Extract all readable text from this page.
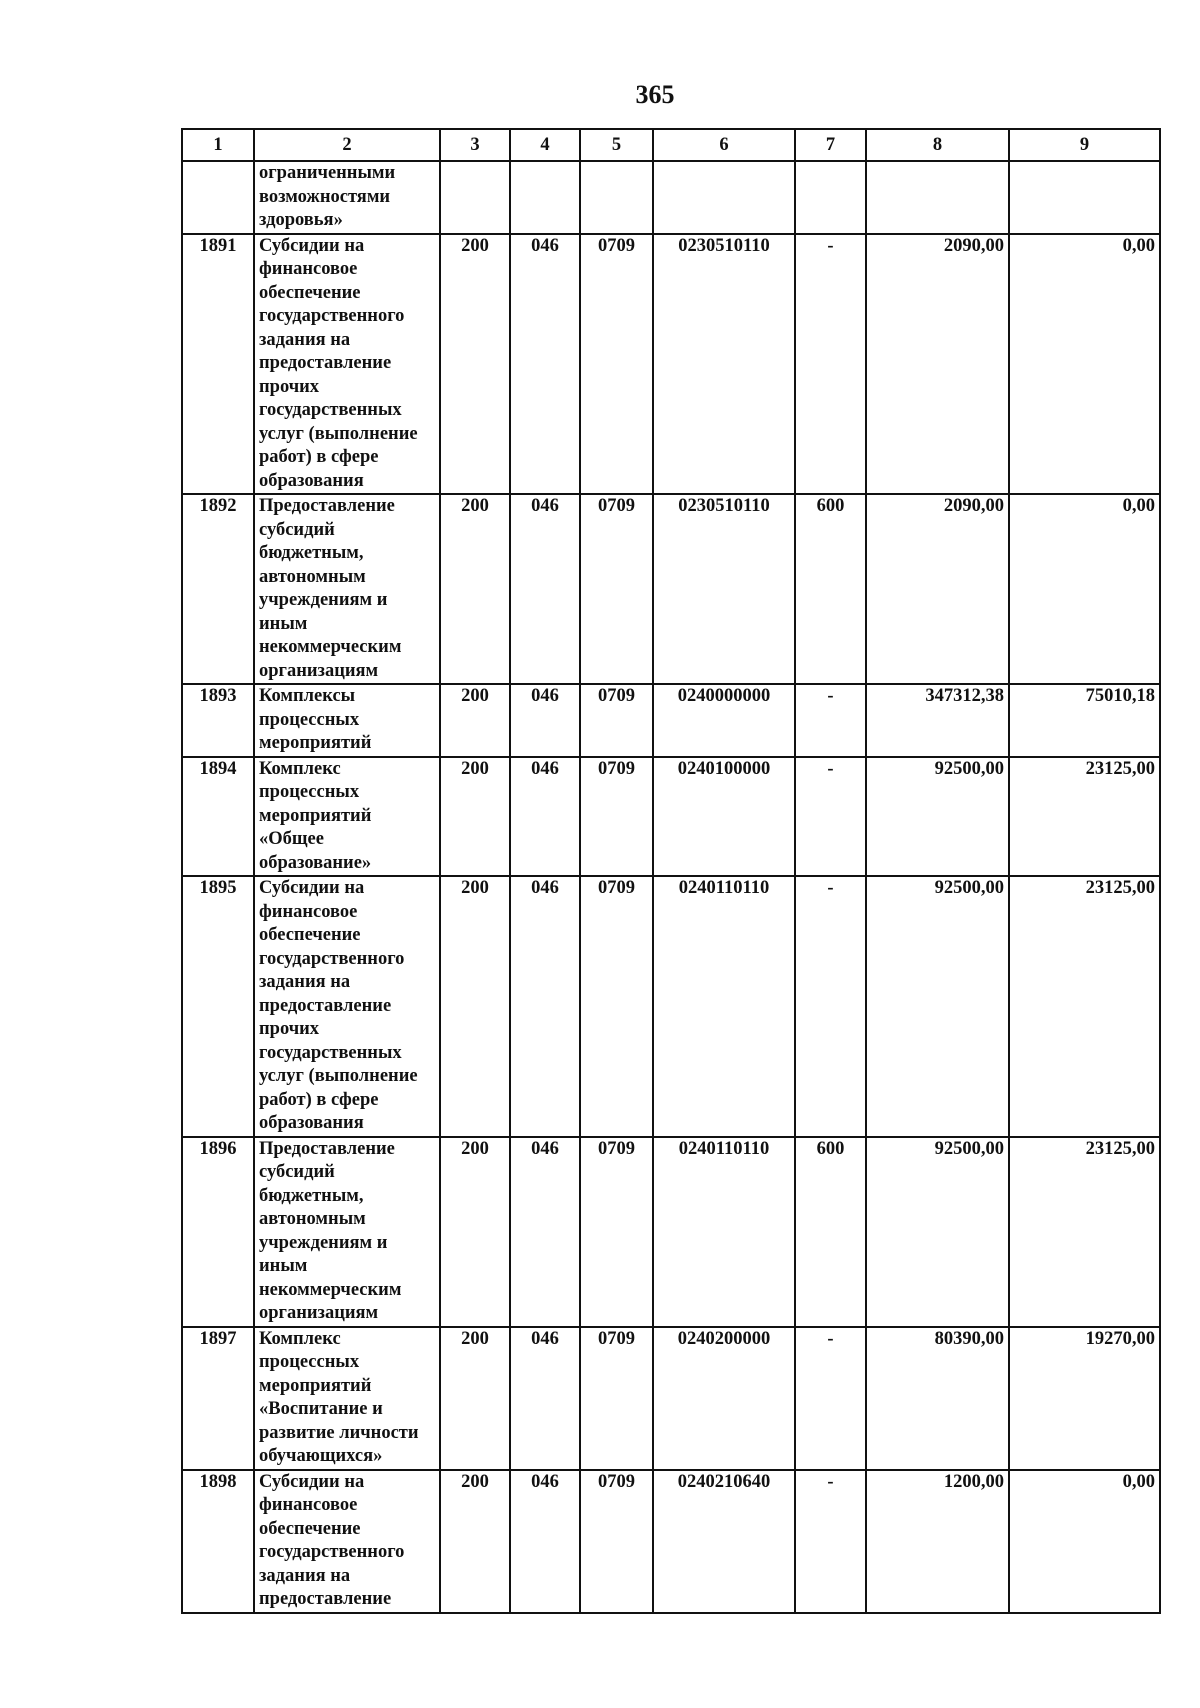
365
1	2	3	4	5	6	7	8	9
	ограниченными возможностями здоровья»							
1891	Субсидии на финансовое обеспечение государственного задания на предоставление прочих государственных услуг (выполнение работ) в сфере образования	200	046	0709	0230510110	-	2090,00	0,00
1892	Предоставление субсидий бюджетным, автономным учреждениям и иным некоммерческим организациям	200	046	0709	0230510110	600	2090,00	0,00
1893	Комплексы процессных мероприятий	200	046	0709	0240000000	-	347312,38	75010,18
1894	Комплекс процессных мероприятий «Общее образование»	200	046	0709	0240100000	-	92500,00	23125,00
1895	Субсидии на финансовое обеспечение государственного задания на предоставление прочих государственных услуг (выполнение работ) в сфере образования	200	046	0709	0240110110	-	92500,00	23125,00
1896	Предоставление субсидий бюджетным, автономным учреждениям и иным некоммерческим организациям	200	046	0709	0240110110	600	92500,00	23125,00
1897	Комплекс процессных мероприятий «Воспитание и развитие личности обучающихся»	200	046	0709	0240200000	-	80390,00	19270,00
1898	Субсидии на финансовое обеспечение государственного задания на предоставление	200	046	0709	0240210640	-	1200,00	0,00
